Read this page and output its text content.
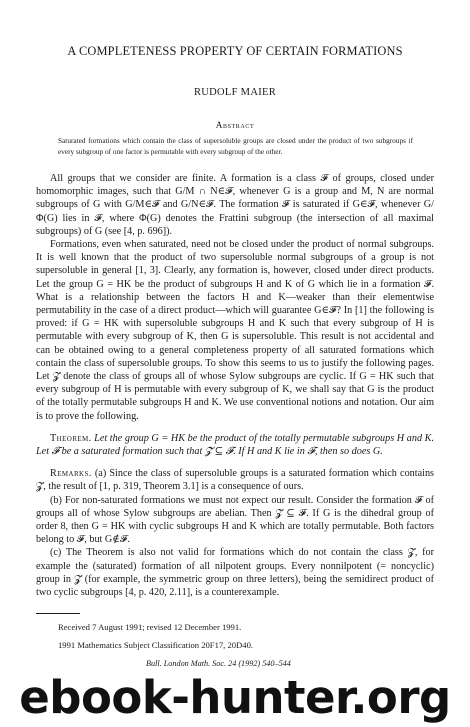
A COMPLETENESS PROPERTY OF CERTAIN FORMATIONS
RUDOLF MAIER
Abstract
Saturated formations which contain the class of supersoluble groups are closed under the product of two subgroups if every subgroup of one factor is permutable with every subgroup of the other.

All groups that we consider are finite. A formation is a class 𝓕 of groups, closed under homomorphic images, such that G/M ∩ N∈𝓕, whenever G is a group and M, N are normal subgroups of G with G/M∈𝓕 and G/N∈𝓕. The formation 𝓕 is saturated if G∈𝓕, whenever G/Φ(G) lies in 𝓕, where Φ(G) denotes the Frattini subgroup (the intersection of all maximal subgroups) of G (see [4, p. 696]).

Formations, even when saturated, need not be closed under the product of normal subgroups. It is well known that the product of two supersoluble normal subgroups of a group is not supersoluble in general [1, 3]. Clearly, any formation is, however, closed under direct products. Let the group G = HK be the product of subgroups H and K of G which lie in a formation 𝓕. What is a relationship between the factors H and K—weaker than their elementwise permutability in the case of a direct product—which will guarantee G∈𝓕? In [1] the following is proved: if G = HK with supersoluble subgroups H and K such that every subgroup of H is permutable with every subgroup of K, then G is supersoluble. This result is not accidental and can be obtained owing to a general completeness property of all saturated formations which contain the class of supersoluble groups. To show this seems to us to justify the following pages. Let 𝓩 denote the class of groups all of whose Sylow subgroups are cyclic. If G = HK such that every subgroup of H is permutable with every subgroup of K, we shall say that G is the product of the totally permutable subgroups H and K. We use conventional notions and notation. Our aim is to prove the following.

Theorem. Let the group G = HK be the product of the totally permutable subgroups H and K. Let 𝓕 be a saturated formation such that 𝓩 ⊆ 𝓕. If H and K lie in 𝓕, then so does G.

Remarks. (a) Since the class of supersoluble groups is a saturated formation which contains 𝓩, the result of [1, p. 319, Theorem 3.1] is a consequence of ours.

(b) For non-saturated formations we must not expect our result. Consider the formation 𝓕 of groups all of whose Sylow subgroups are abelian. Then 𝓩 ⊆ 𝓕. If G is the dihedral group of order 8, then G = HK with cyclic subgroups H and K which are totally permutable. Both factors belong to 𝓕, but G∉𝓕.

(c) The Theorem is also not valid for formations which do not contain the class 𝓩, for example the (saturated) formation of all nilpotent groups. Every nonnilpotent (= noncyclic) group in 𝓩 (for example, the symmetric group on three letters), being the semidirect product of two cyclic subgroups [4, p. 420, 2.11], is a counterexample.

Received 7 August 1991; revised 12 December 1991.
1991 Mathematics Subject Classification 20F17, 20D40.
Bull. London Math. Soc. 24 (1992) 540–544
ebook-hunter.org
